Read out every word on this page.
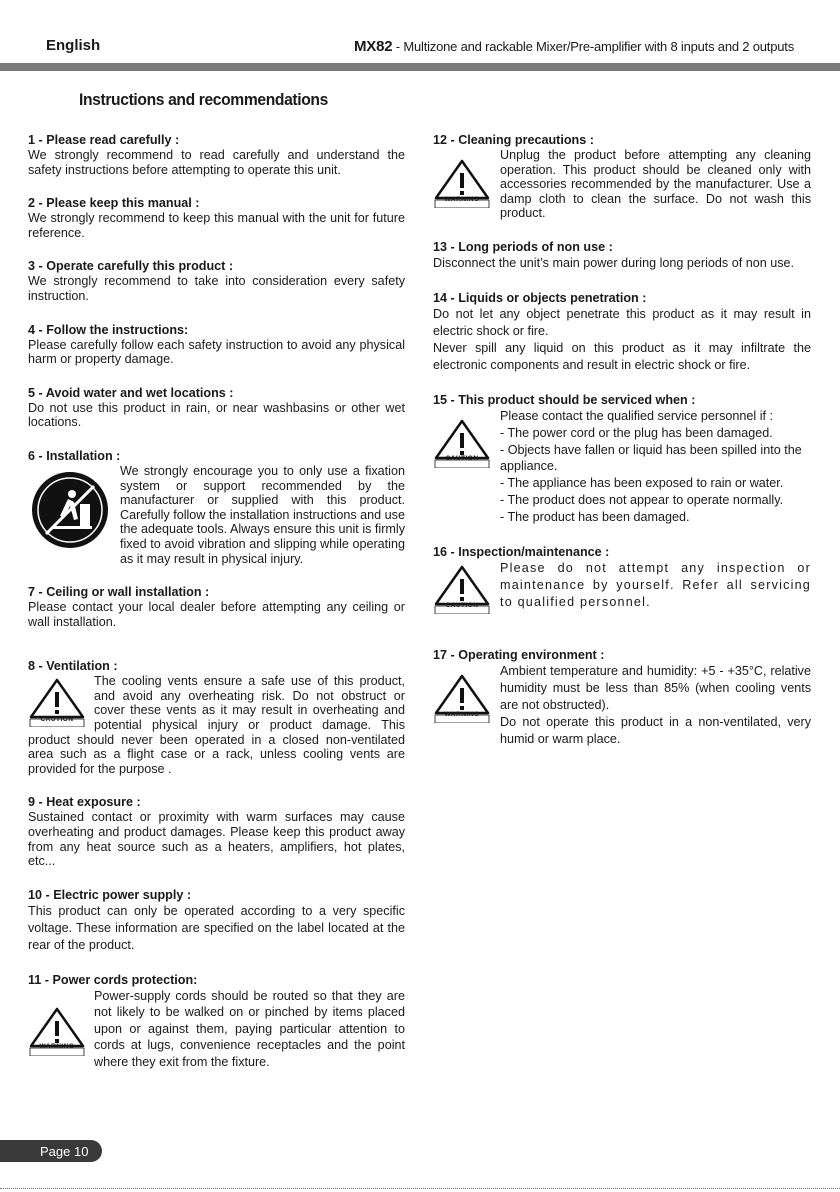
English	MX82 - Multizone and rackable Mixer/Pre-amplifier with 8 inputs and 2 outputs
Instructions and recommendations
1 - Please read carefully :

We strongly recommend to read carefully and understand the safety instructions before attempting to operate this unit.

2 - Please keep this manual :

We strongly recommend to keep this manual with the unit for future reference.

3 - Operate carefully this product :

We strongly recommend to take into consideration every safety instruction.

4 - Follow the instructions:

Please carefully follow each safety instruction to avoid any physical harm or property damage.

5 - Avoid water and wet locations :

Do not use this product in rain, or near washbasins or other wet locations.

6 - Installation :

We strongly encourage you to only use a fixation system or support recommended by the manufacturer or supplied with this product. Carefully follow the installation instructions and use the adequate tools. Always ensure this unit is firmly fixed to avoid vibration and slipping while operating as it may result in physical injury.

7 - Ceiling or wall installation :

Please contact your local dealer before attempting any ceiling or wall installation.

8 - Ventilation :
CAUTION

The cooling vents ensure a safe use of this product, and avoid any overheating risk. Do not obstruct or cover these vents as it may result in overheating and potential physical injury or product damage. This product should never been operated in a closed non-ventilated area such as a flight case or a rack, unless cooling vents are provided for the purpose .

9 - Heat exposure :

Sustained contact or proximity with warm surfaces may cause overheating and product damages. Please keep this product away from any heat source such as a heaters, amplifiers, hot plates, etc...

10 - Electric power supply :

This product can only be operated according to a very specific voltage. These information are specified on the label located at the rear of the product.

11 - Power cords protection:
WARNING

Power-supply cords should be routed so that they are not likely to be walked on or pinched by items placed upon or against them, paying particular attention to cords at lugs, convenience receptacles and the point where they exit from the fixture.

12 - Cleaning precautions :
WARNING

Unplug the product before attempting any cleaning operation. This product should be cleaned only with accessories recommended by the manufacturer. Use a damp cloth to clean the surface. Do not wash this product.

13 - Long periods of non use :

Disconnect the unit’s main power during long periods of non use.

14 - Liquids or objects penetration :

Do not let any object penetrate this product as it may result in electric shock or fire.

Never spill any liquid on this product as it may infiltrate the electronic components and result in electric shock or fire.

15 - This product should be serviced when :
CAUTION
Please contact the qualified service personnel if :
- The power cord or the plug has been damaged.
- Objects have fallen or liquid has been spilled into the appliance.
- The appliance has been exposed to rain or water.
- The product does not appear to operate normally.
- The product has been damaged.
16 - Inspection/maintenance :
CAUTION

Please do not attempt any inspection or maintenance by yourself. Refer all servicing to qualified personnel.

17 - Operating environment :
WARNING

Ambient temperature and humidity: +5 - +35°C, relative humidity must be less than 85% (when cooling vents are not obstructed).

Do not operate this product in a non-ventilated, very humid or warm place.

Page 10
